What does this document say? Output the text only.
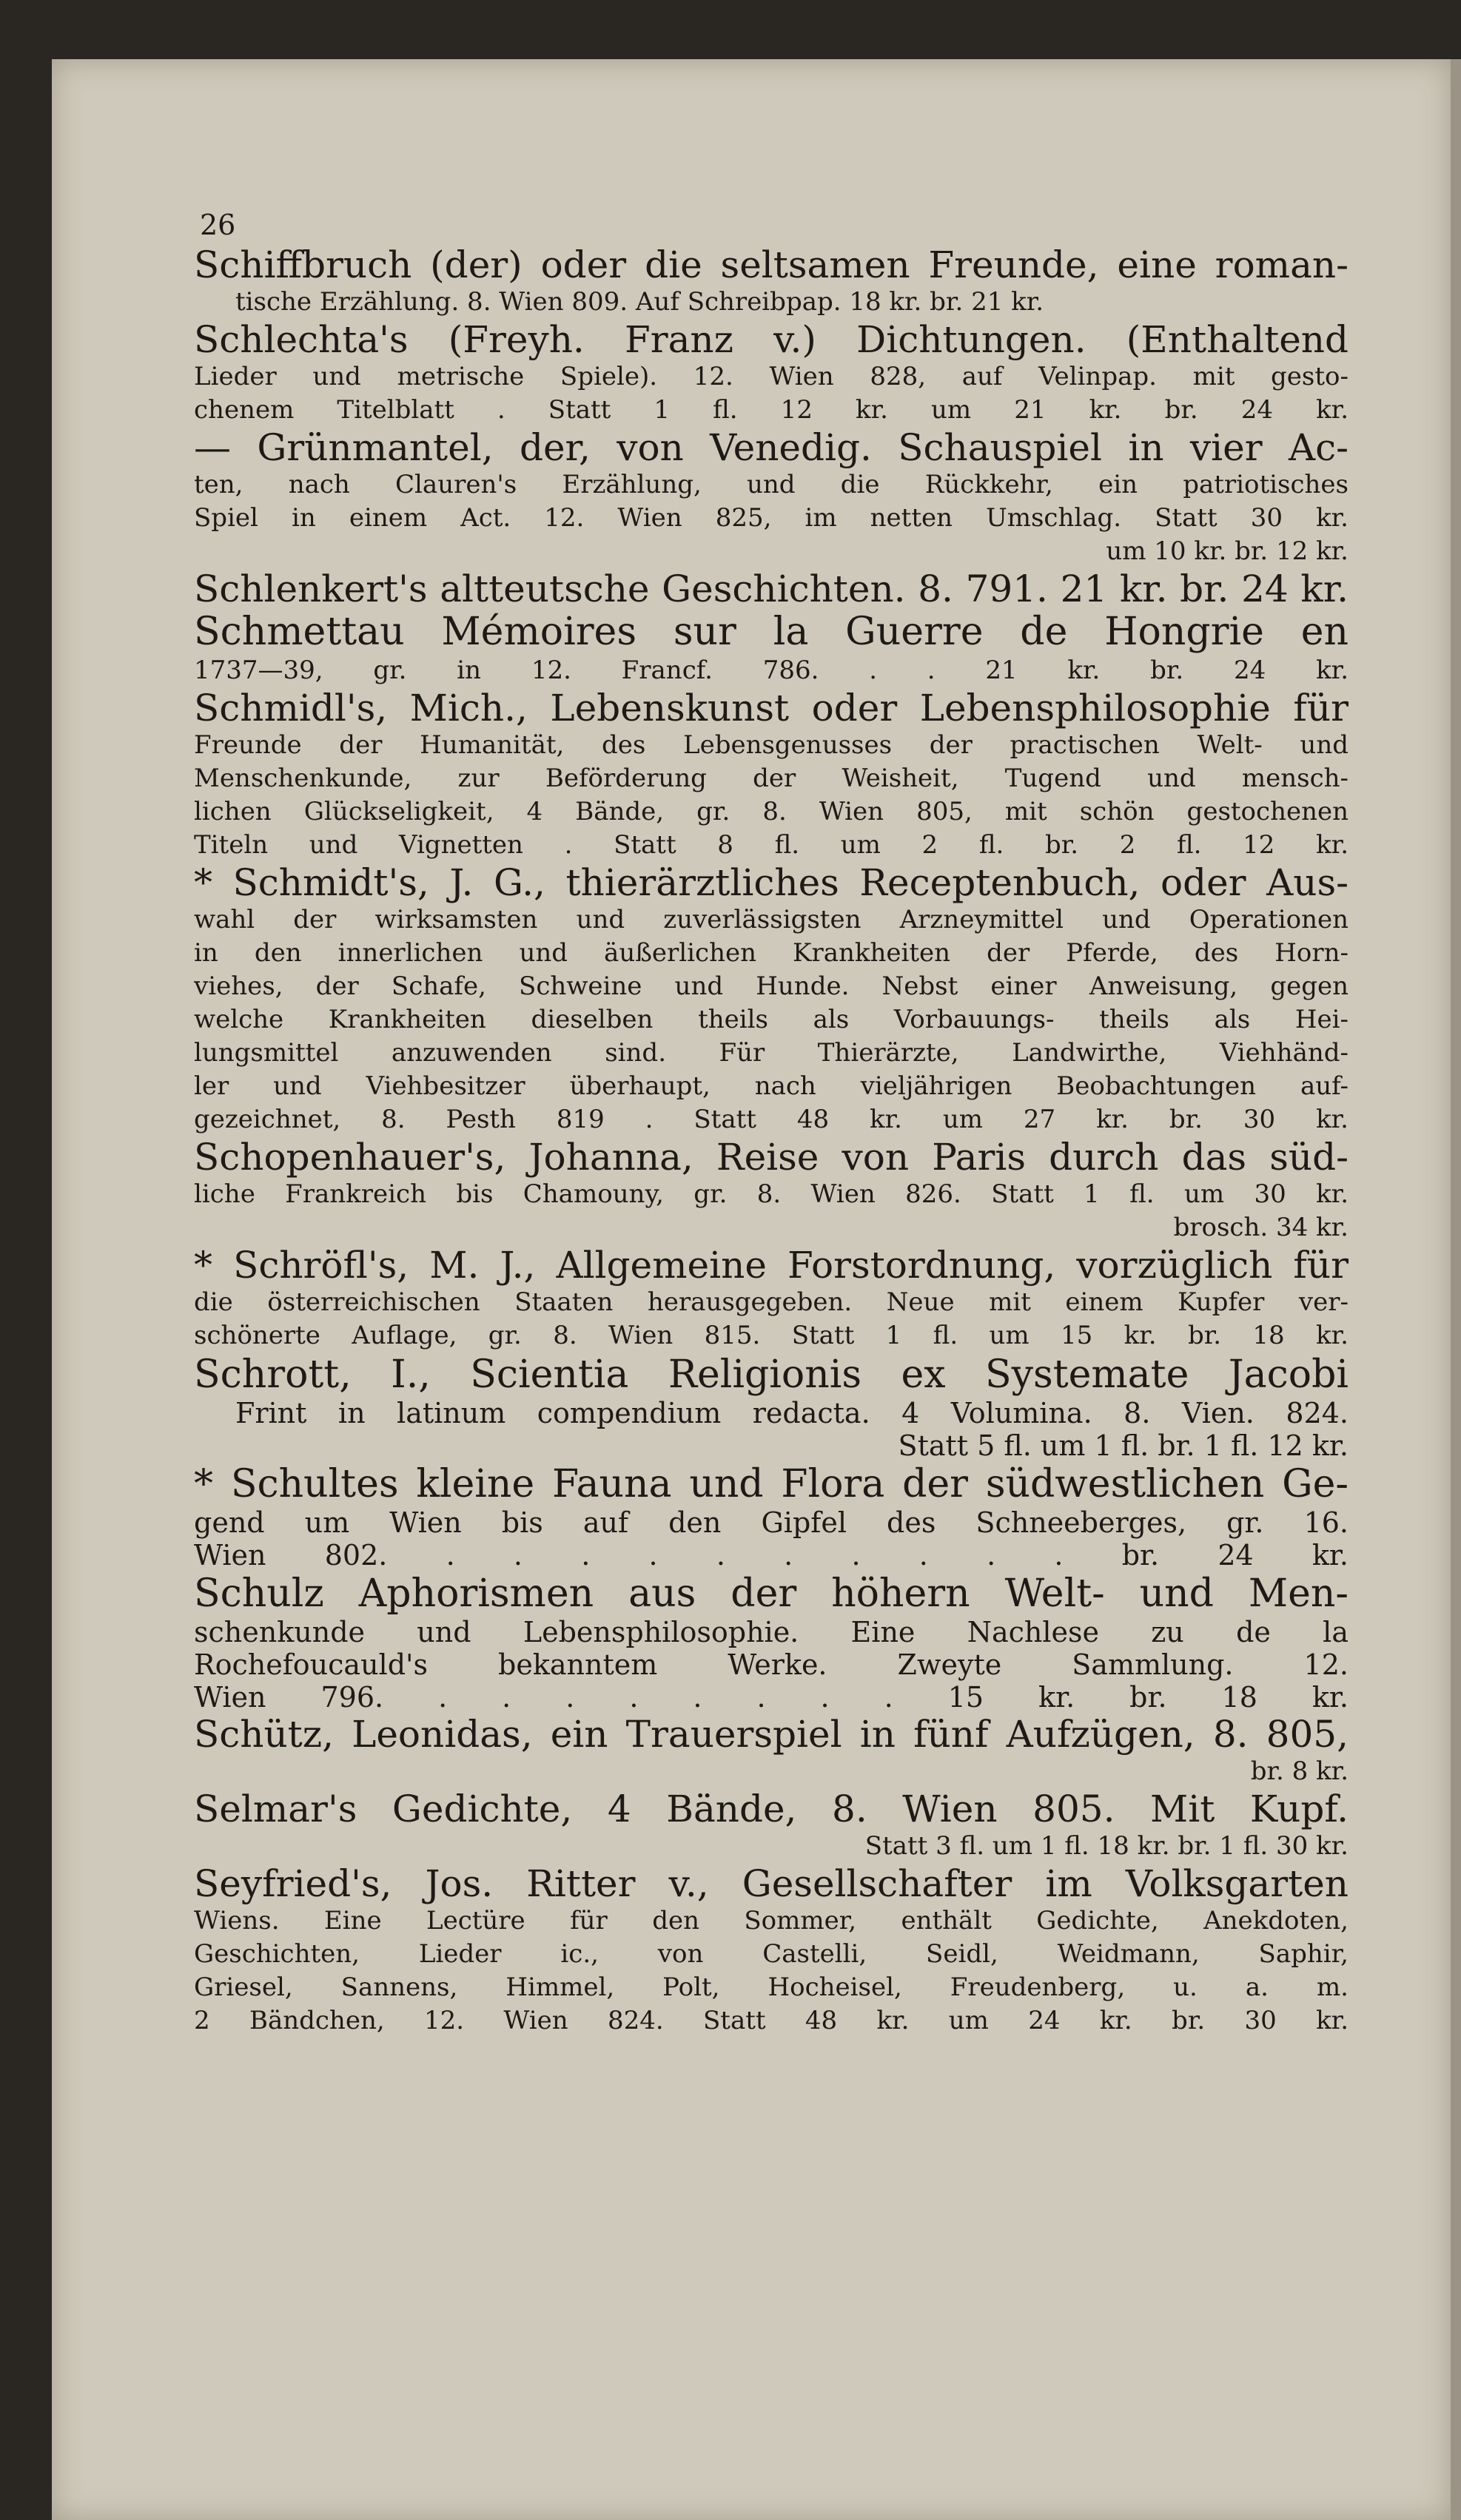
26
Schiffbruch (der) oder die seltsamen Freunde, eine roman-
tische Erzählung. 8. Wien 809. Auf Schreibpap. 18 kr. br. 21 kr.
Schlechta's (Freyh. Franz v.) Dichtungen. (Enthaltend
Lieder und metrische Spiele). 12. Wien 828, auf Velinpap. mit gesto-
chenem Titelblatt . Statt 1 fl. 12 kr. um 21 kr. br. 24 kr.
— Grünmantel, der, von Venedig. Schauspiel in vier Ac-
ten, nach Clauren's Erzählung, und die Rückkehr, ein patriotisches
Spiel in einem Act. 12. Wien 825, im netten Umschlag. Statt 30 kr.
um 10 kr. br. 12 kr.
Schlenkert's altteutsche Geschichten. 8. 791. 21 kr. br. 24 kr.
Schmettau Mémoires sur la Guerre de Hongrie en
1737—39, gr. in 12. Francf. 786. . . 21 kr. br. 24 kr.
Schmidl's, Mich., Lebenskunst oder Lebensphilosophie für
Freunde der Humanität, des Lebensgenusses der practischen Welt- und
Menschenkunde, zur Beförderung der Weisheit, Tugend und mensch-
lichen Glückseligkeit, 4 Bände, gr. 8. Wien 805, mit schön gestochenen
Titeln und Vignetten . Statt 8 fl. um 2 fl. br. 2 fl. 12 kr.
* Schmidt's, J. G., thierärztliches Receptenbuch, oder Aus-
wahl der wirksamsten und zuverlässigsten Arzneymittel und Operationen
in den innerlichen und äußerlichen Krankheiten der Pferde, des Horn-
viehes, der Schafe, Schweine und Hunde. Nebst einer Anweisung, gegen
welche Krankheiten dieselben theils als Vorbauungs- theils als Hei-
lungsmittel anzuwenden sind. Für Thierärzte, Landwirthe, Viehhänd-
ler und Viehbesitzer überhaupt, nach vieljährigen Beobachtungen auf-
gezeichnet, 8. Pesth 819 . Statt 48 kr. um 27 kr. br. 30 kr.
Schopenhauer's, Johanna, Reise von Paris durch das süd-
liche Frankreich bis Chamouny, gr. 8. Wien 826. Statt 1 fl. um 30 kr.
brosch. 34 kr.
* Schröfl's, M. J., Allgemeine Forstordnung, vorzüglich für
die österreichischen Staaten herausgegeben. Neue mit einem Kupfer ver-
schönerte Auflage, gr. 8. Wien 815. Statt 1 fl. um 15 kr. br. 18 kr.
Schrott, I., Scientia Religionis ex Systemate Jacobi
Frint in latinum compendium redacta. 4 Volumina. 8. Vien. 824.
Statt 5 fl. um 1 fl. br. 1 fl. 12 kr.
* Schultes kleine Fauna und Flora der südwestlichen Ge-
gend um Wien bis auf den Gipfel des Schneeberges, gr. 16.
Wien 802. . . . . . . . . . . br. 24 kr.
Schulz Aphorismen aus der höhern Welt- und Men-
schenkunde und Lebensphilosophie. Eine Nachlese zu de la
Rochefoucauld's bekanntem Werke. Zweyte Sammlung. 12.
Wien 796. . . . . . . . . 15 kr. br. 18 kr.
Schütz, Leonidas, ein Trauerspiel in fünf Aufzügen, 8. 805,
br. 8 kr.
Selmar's Gedichte, 4 Bände, 8. Wien 805. Mit Kupf.
Statt 3 fl. um 1 fl. 18 kr. br. 1 fl. 30 kr.
Seyfried's, Jos. Ritter v., Gesellschafter im Volksgarten
Wiens. Eine Lectüre für den Sommer, enthält Gedichte, Anekdoten,
Geschichten, Lieder ic., von Castelli, Seidl, Weidmann, Saphir,
Griesel, Sannens, Himmel, Polt, Hocheisel, Freudenberg, u. a. m.
2 Bändchen, 12. Wien 824. Statt 48 kr. um 24 kr. br. 30 kr.
